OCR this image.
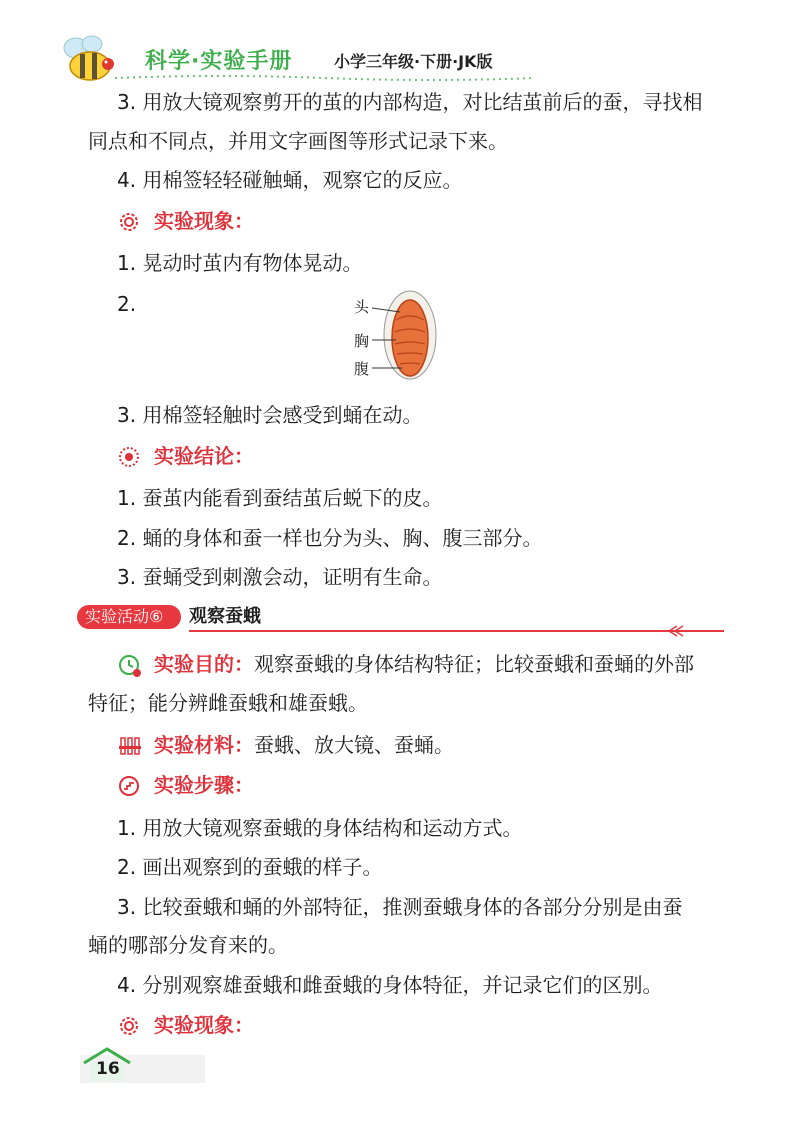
科学·实验手册	小学三年级·下册·JK版
3. 用放大镜观察剪开的茧的内部构造，对比结茧前后的蚕，寻找相
同点和不同点，并用文字画图等形式记录下来。
4. 用棉签轻轻碰触蛹，观察它的反应。
实验现象：
1. 晃动时茧内有物体晃动。
2.	头
胸
腹
3. 用棉签轻触时会感受到蛹在动。
实验结论：
1. 蚕茧内能看到蚕结茧后蜕下的皮。
2. 蛹的身体和蚕一样也分为头、胸、腹三部分。
3. 蚕蛹受到刺激会动，证明有生命。
实验活动⑥	观察蚕蛾
实验目的： 观察蚕蛾的身体结构特征；比较蚕蛾和蚕蛹的外部
特征；能分辨雌蚕蛾和雄蚕蛾。
实验材料： 蚕蛾、放大镜、蚕蛹。
实验步骤：
1. 用放大镜观察蚕蛾的身体结构和运动方式。
2. 画出观察到的蚕蛾的样子。
3. 比较蚕蛾和蛹的外部特征，推测蚕蛾身体的各部分分别是由蚕
蛹的哪部分发育来的。
4. 分别观察雄蚕蛾和雌蚕蛾的身体特征，并记录它们的区别。
实验现象：
16
